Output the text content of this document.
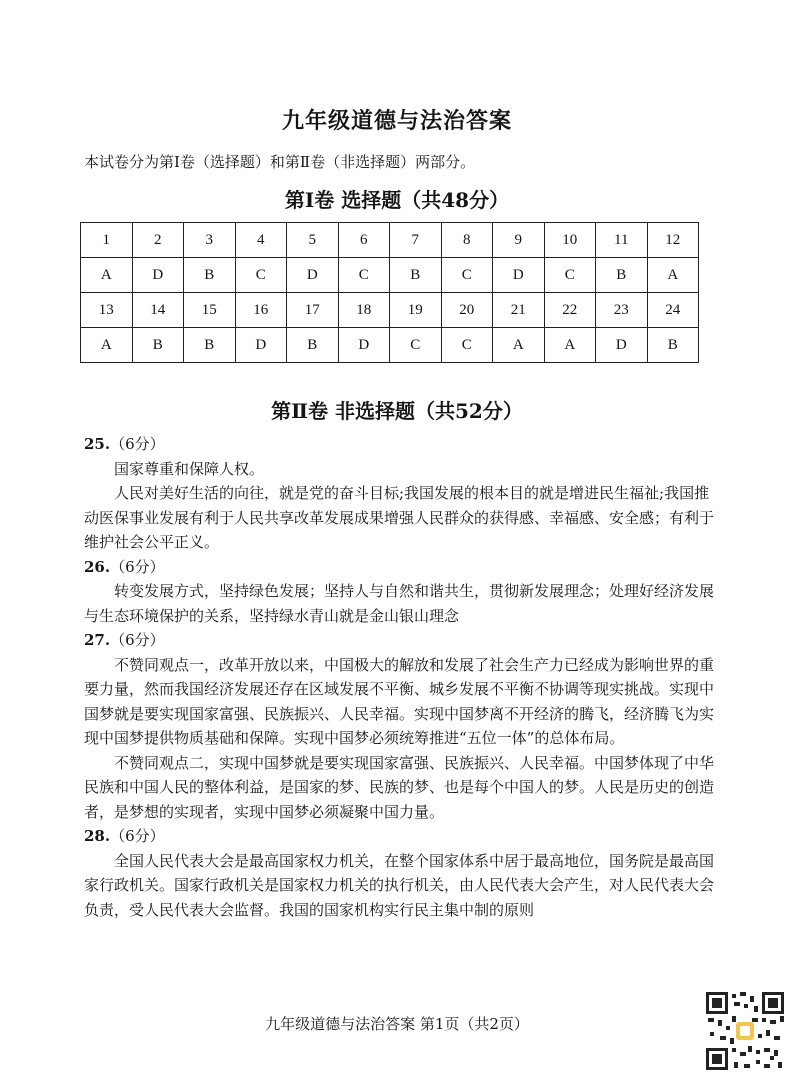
九年级道德与法治答案
本试卷分为第Ⅰ卷（选择题）和第Ⅱ卷（非选择题）两部分。
第Ⅰ卷 选择题（共48分）
1	2	3	4	5	6	7	8	9	10	11	12
A	D	B	C	D	C	B	C	D	C	B	A
13	14	15	16	17	18	19	20	21	22	23	24
A	B	B	D	B	D	C	C	A	A	D	B
第Ⅱ卷 非选择题（共52分）
25.（6分）
国家尊重和保障人权。
人民对美好生活的向往，就是党的奋斗目标;我国发展的根本目的就是增进民生福祉;我国推动医保事业发展有利于人民共享改革发展成果增强人民群众的获得感、幸福感、安全感；有利于维护社会公平正义。
26.（6分）
转变发展方式，坚持绿色发展；坚持人与自然和谐共生，贯彻新发展理念；处理好经济发展与生态环境保护的关系，坚持绿水青山就是金山银山理念
27.（6分）
不赞同观点一，改革开放以来，中国极大的解放和发展了社会生产力已经成为影响世界的重要力量，然而我国经济发展还存在区域发展不平衡、城乡发展不平衡不协调等现实挑战。实现中国梦就是要实现国家富强、民族振兴、人民幸福。实现中国梦离不开经济的腾飞，经济腾飞为实现中国梦提供物质基础和保障。实现中国梦必须统筹推进“五位一体”的总体布局。
不赞同观点二，实现中国梦就是要实现国家富强、民族振兴、人民幸福。中国梦体现了中华民族和中国人民的整体利益，是国家的梦、民族的梦、也是每个中国人的梦。人民是历史的创造者，是梦想的实现者，实现中国梦必须凝聚中国力量。
28.（6分）
全国人民代表大会是最高国家权力机关，在整个国家体系中居于最高地位，国务院是最高国家行政机关。国家行政机关是国家权力机关的执行机关，由人民代表大会产生，对人民代表大会负责，受人民代表大会监督。我国的国家机构实行民主集中制的原则
九年级道德与法治答案 第1页（共2页）
